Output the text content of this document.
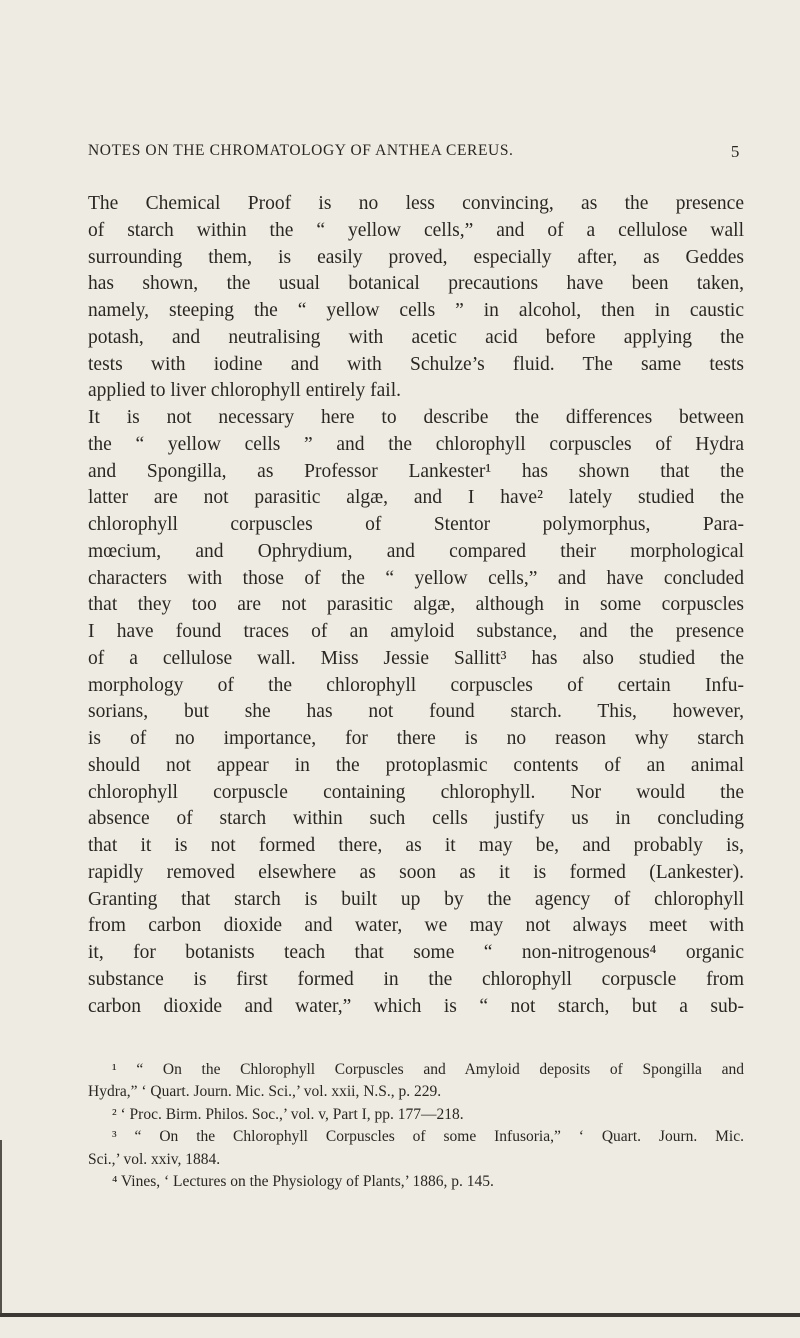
NOTES ON THE CHROMATOLOGY OF ANTHEA CEREUS.	5
The Chemical Proof is no less convincing, as the presence
of starch within the “ yellow cells,” and of a cellulose wall
surrounding them, is easily proved, especially after, as Geddes
has shown, the usual botanical precautions have been taken,
namely, steeping the “ yellow cells ” in alcohol, then in caustic
potash, and neutralising with acetic acid before applying the
tests with iodine and with Schulze’s fluid. The same tests
applied to liver chlorophyll entirely fail.
It is not necessary here to describe the differences between
the “ yellow cells ” and the chlorophyll corpuscles of Hydra
and Spongilla, as Professor Lankester¹ has shown that the
latter are not parasitic algæ, and I have² lately studied the
chlorophyll corpuscles of Stentor polymorphus, Para-
mœcium, and Ophrydium, and compared their morphological
characters with those of the “ yellow cells,” and have concluded
that they too are not parasitic algæ, although in some corpuscles
I have found traces of an amyloid substance, and the presence
of a cellulose wall. Miss Jessie Sallitt³ has also studied the
morphology of the chlorophyll corpuscles of certain Infu-
sorians, but she has not found starch. This, however,
is of no importance, for there is no reason why starch
should not appear in the protoplasmic contents of an animal
chlorophyll corpuscle containing chlorophyll. Nor would the
absence of starch within such cells justify us in concluding
that it is not formed there, as it may be, and probably is,
rapidly removed elsewhere as soon as it is formed (Lankester).
Granting that starch is built up by the agency of chlorophyll
from carbon dioxide and water, we may not always meet with
it, for botanists teach that some “ non-nitrogenous⁴ organic
substance is first formed in the chlorophyll corpuscle from
carbon dioxide and water,” which is “ not starch, but a sub-
¹ “ On the Chlorophyll Corpuscles and Amyloid deposits of Spongilla and
Hydra,” ‘ Quart. Journ. Mic. Sci.,’ vol. xxii, N.S., p. 229.
² ‘ Proc. Birm. Philos. Soc.,’ vol. v, Part I, pp. 177—218.
³ “ On the Chlorophyll Corpuscles of some Infusoria,” ‘ Quart. Journ. Mic.
Sci.,’ vol. xxiv, 1884.
⁴ Vines, ‘ Lectures on the Physiology of Plants,’ 1886, p. 145.
